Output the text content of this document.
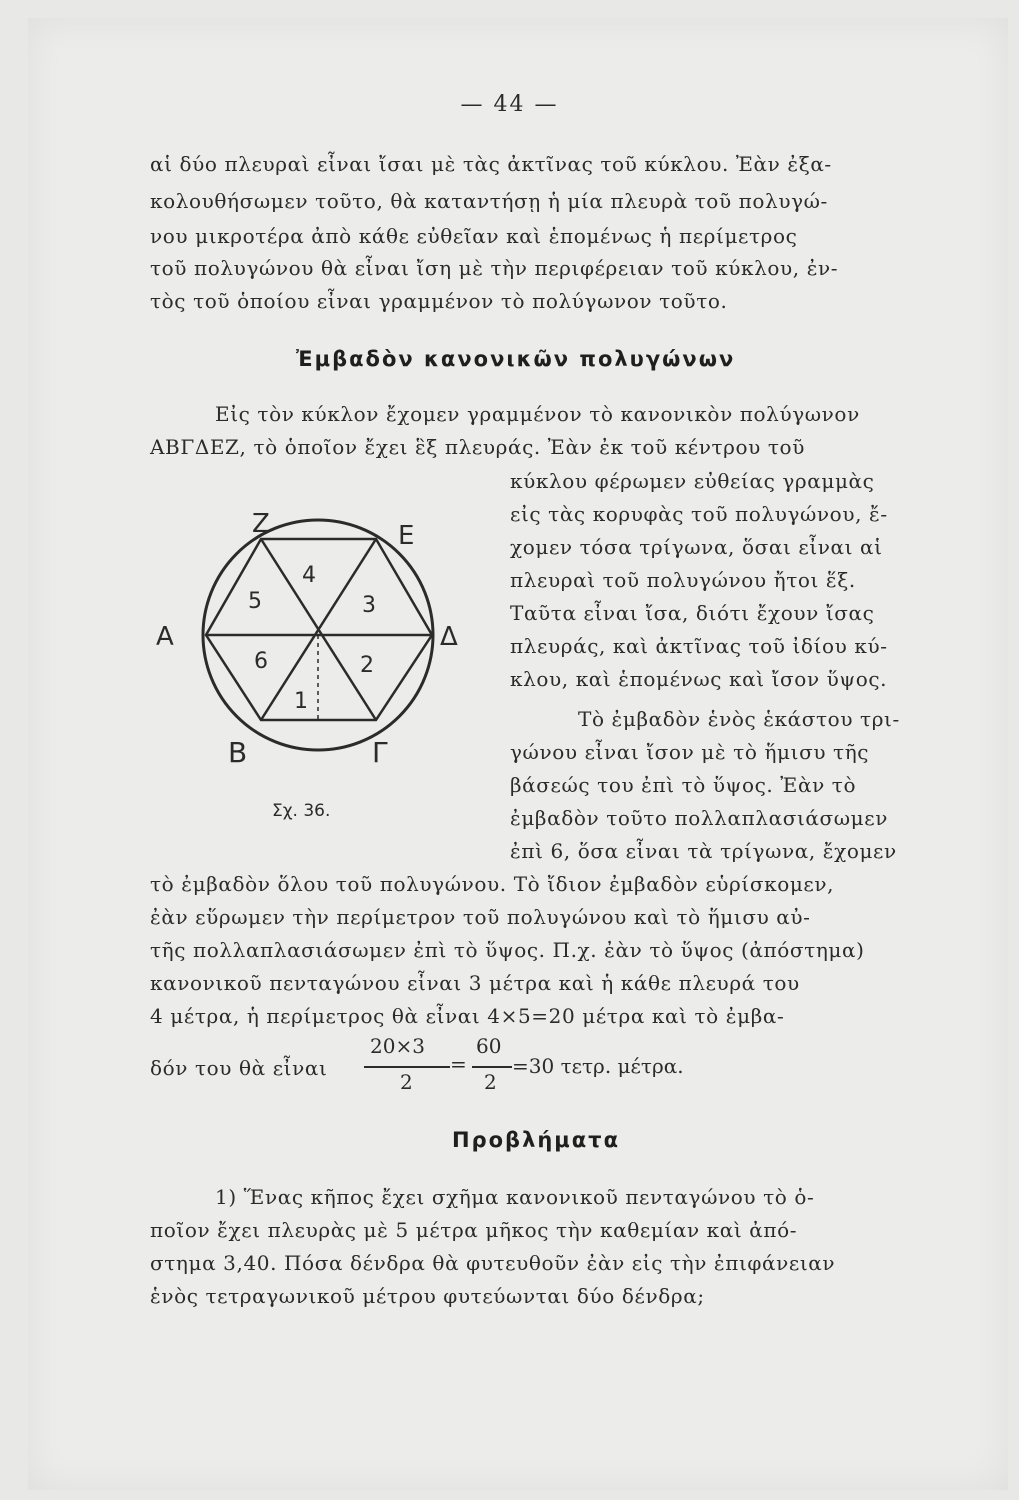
— 44 —
αἱ δύο πλευραὶ εἶναι ἴσαι μὲ τὰς ἀκτῖνας τοῦ κύκλου. Ἐὰν ἐξα-
κολουθήσωμεν τοῦτο, θὰ καταντήσῃ ἡ μία πλευρὰ τοῦ πολυγώ-
νου μικροτέρα ἀπὸ κάθε εὐθεῖαν καὶ ἑπομένως ἡ περίμετρος
τοῦ πολυγώνου θὰ εἶναι ἴση μὲ τὴν περιφέρειαν τοῦ κύκλου, ἐν-
τὸς τοῦ ὁποίου εἶναι γραμμένον τὸ πολύγωνον τοῦτο.
Ἐμβαδὸν κανονικῶν πολυγώνων
Εἰς τὸν κύκλον ἔχομεν γραμμένον τὸ κανονικὸν πολύγωνον
ΑΒΓΔΕΖ, τὸ ὁποῖον ἔχει ἓξ πλευράς. Ἐὰν ἐκ τοῦ κέντρου τοῦ
κύκλου φέρωμεν εὐθείας γραμμὰς
εἰς τὰς κορυφὰς τοῦ πολυγώνου, ἔ-
χομεν τόσα τρίγωνα, ὅσαι εἶναι αἱ
πλευραὶ τοῦ πολυγώνου ἤτοι ἕξ.
Ταῦτα εἶναι ἴσα, διότι ἔχουν ἴσας
πλευράς, καὶ ἀκτῖνας τοῦ ἰδίου κύ-
κλου, καὶ ἑπομένως καὶ ἴσον ὕψος.
Τὸ ἐμβαδὸν ἑνὸς ἑκάστου τρι-
γώνου εἶναι ἴσον μὲ τὸ ἥμισυ τῆς
βάσεώς του ἐπὶ τὸ ὕψος. Ἐὰν τὸ
ἐμβαδὸν τοῦτο πολλαπλασιάσωμεν
ἐπὶ 6, ὅσα εἶναι τὰ τρίγωνα, ἔχομεν
Ζ	Ε
Α	Δ
Β	Γ
1
2
3
4
5
6
Σχ. 36.
τὸ ἐμβαδὸν ὅλου τοῦ πολυγώνου. Τὸ ἴδιον ἐμβαδὸν εὑρίσκομεν,
ἐὰν εὕρωμεν τὴν περίμετρον τοῦ πολυγώνου καὶ τὸ ἥμισυ αὐ-
τῆς πολλαπλασιάσωμεν ἐπὶ τὸ ὕψος. Π.χ. ἐὰν τὸ ὕψος (ἀπόστημα)
κανονικοῦ πενταγώνου εἶναι 3 μέτρα καὶ ἡ κάθε πλευρά του
4 μέτρα, ἡ περίμετρος θὰ εἶναι 4×5=20 μέτρα καὶ τὸ ἐμβα-
δόν του θὰ εἶναι
20×3
2
=
60
2
=30 τετρ. μέτρα.
Προβλήματα
1) Ἕνας κῆπος ἔχει σχῆμα κανονικοῦ πενταγώνου τὸ ὁ-
ποῖον ἔχει πλευρὰς μὲ 5 μέτρα μῆκος τὴν καθεμίαν καὶ ἀπό-
στημα 3,40. Πόσα δένδρα θὰ φυτευθοῦν ἐὰν εἰς τὴν ἐπιφάνειαν
ἑνὸς τετραγωνικοῦ μέτρου φυτεύωνται δύο δένδρα;
